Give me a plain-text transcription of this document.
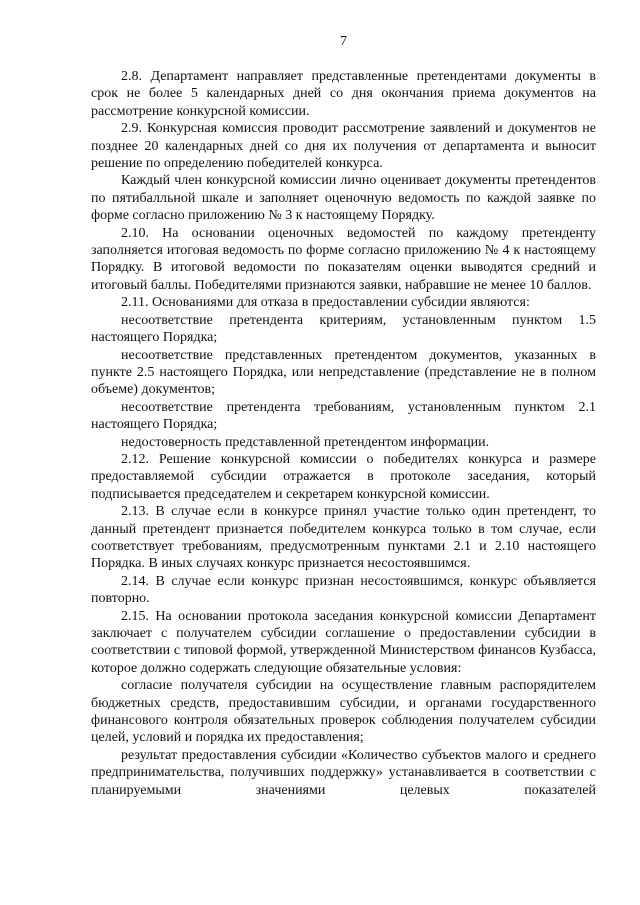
7

2.8. Департамент направляет представленные претендентами документы в срок не более 5 календарных дней со дня окончания приема документов на рассмотрение конкурсной комиссии.

2.9. Конкурсная комиссия проводит рассмотрение заявлений и документов не позднее 20 календарных дней со дня их получения от департамента и выносит решение по определению победителей конкурса.

Каждый член конкурсной комиссии лично оценивает документы претендентов по пятибалльной шкале и заполняет оценочную ведомость по каждой заявке по форме согласно приложению № 3 к настоящему Порядку.

2.10. На основании оценочных ведомостей по каждому претенденту заполняется итоговая ведомость по форме согласно приложению № 4 к настоящему Порядку. В итоговой ведомости по показателям оценки выводятся средний и итоговый баллы. Победителями признаются заявки, набравшие не менее 10 баллов.

2.11. Основаниями для отказа в предоставлении субсидии являются:

несоответствие претендента критериям, установленным пунктом 1.5 настоящего Порядка;

несоответствие представленных претендентом документов, указанных в пункте 2.5 настоящего Порядка, или непредставление (представление не в полном объеме) документов;

несоответствие претендента требованиям, установленным пунктом 2.1 настоящего Порядка;

недостоверность представленной претендентом информации.

2.12. Решение конкурсной комиссии о победителях конкурса и размере предоставляемой субсидии отражается в протоколе заседания, который подписывается председателем и секретарем конкурсной комиссии.

2.13. В случае если в конкурсе принял участие только один претендент, то данный претендент признается победителем конкурса только в том случае, если соответствует требованиям, предусмотренным пунктами 2.1 и 2.10 настоящего Порядка. В иных случаях конкурс признается несостоявшимся.

2.14. В случае если конкурс признан несостоявшимся, конкурс объявляется повторно.

2.15. На основании протокола заседания конкурсной комиссии Департамент заключает с получателем субсидии соглашение о предоставлении субсидии в соответствии с типовой формой, утвержденной Министерством финансов Кузбасса, которое должно содержать следующие обязательные условия:

согласие получателя субсидии на осуществление главным распорядителем бюджетных средств, предоставившим субсидии, и органами государственного финансового контроля обязательных проверок соблюдения получателем субсидии целей, условий и порядка их предоставления;

результат предоставления субсидии «Количество субъектов малого и среднего предпринимательства, получивших поддержку» устанавливается в соответствии с планируемыми значениями целевых показателей
